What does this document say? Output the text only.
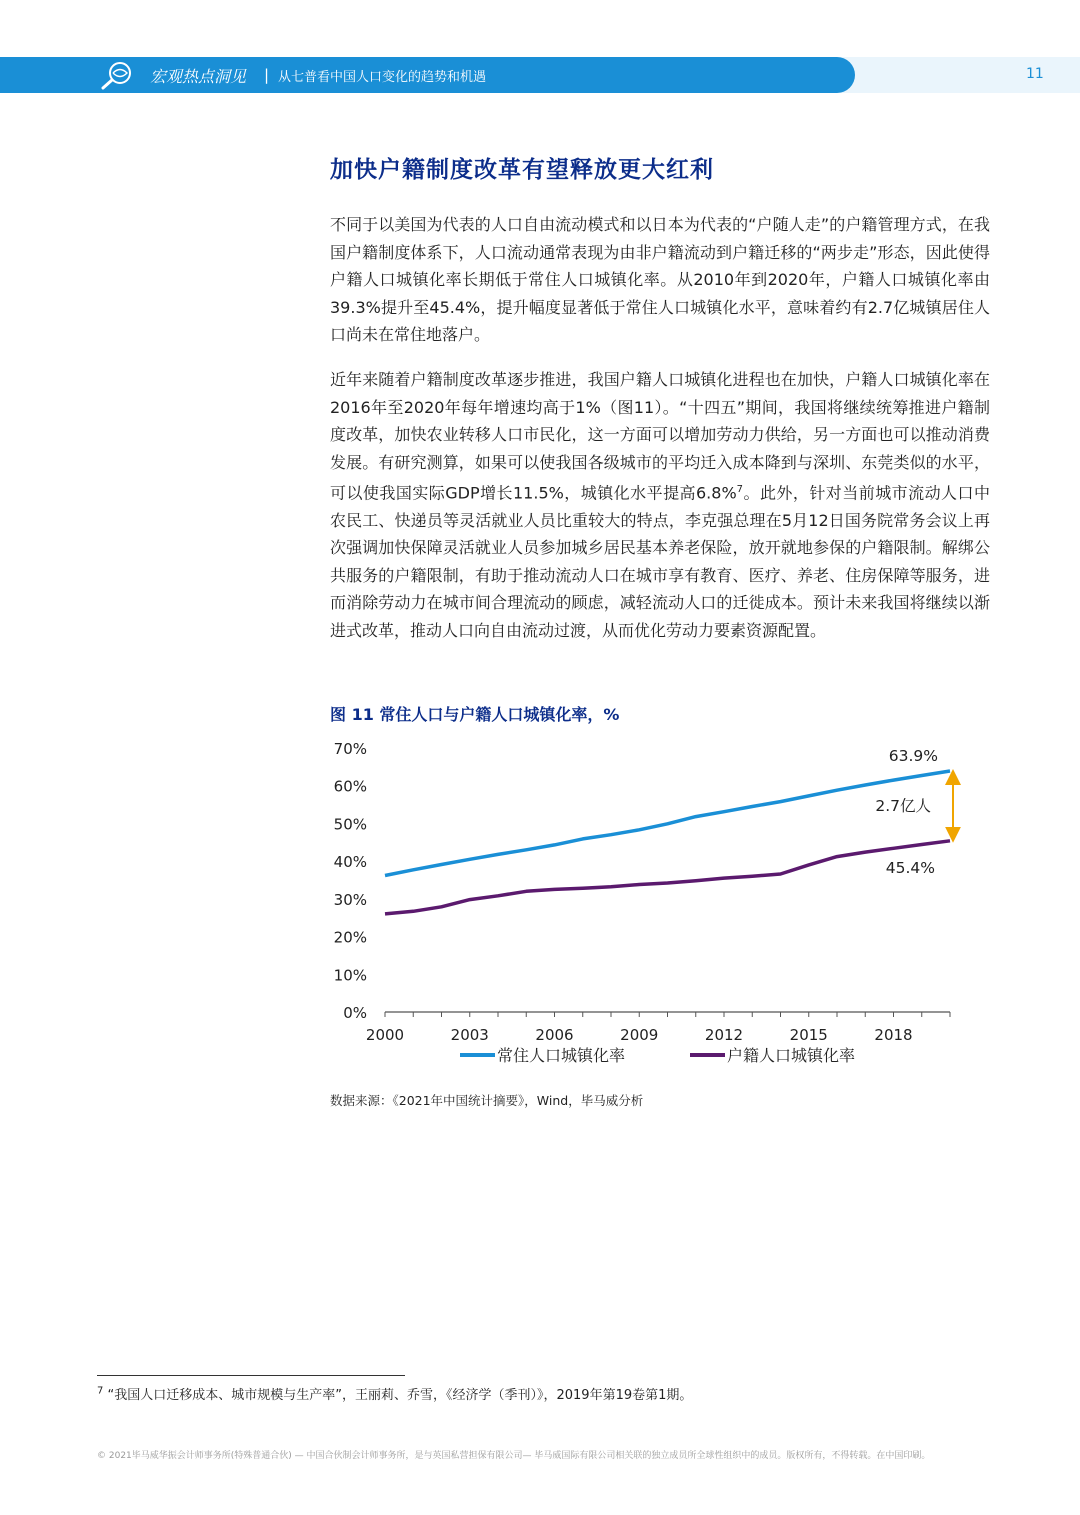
宏观热点洞见 | 从七普看中国人口变化的趋势和机遇	11
加快户籍制度改革有望释放更大红利

不同于以美国为代表的人口自由流动模式和以日本为代表的“户随人走”的户籍管理方式，在我国户籍制度体系下，人口流动通常表现为由非户籍流动到户籍迁移的“两步走”形态，因此使得户籍人口城镇化率长期低于常住人口城镇化率。从2010年到2020年，户籍人口城镇化率由39.3%提升至45.4%，提升幅度显著低于常住人口城镇化水平，意味着约有2.7亿城镇居住人口尚未在常住地落户。

近年来随着户籍制度改革逐步推进，我国户籍人口城镇化进程也在加快，户籍人口城镇化率在2016年至2020年每年增速均高于1%（图11）。“十四五”期间，我国将继续统筹推进户籍制度改革，加快农业转移人口市民化，这一方面可以增加劳动力供给，另一方面也可以推动消费发展。有研究测算，如果可以使我国各级城市的平均迁入成本降到与深圳、东莞类似的水平，可以使我国实际GDP增长11.5%，城镇化水平提高6.8%$^7$。此外，针对当前城市流动人口中农民工、快递员等灵活就业人员比重较大的特点，李克强总理在5月12日国务院常务会议上再次强调加快保障灵活就业人员参加城乡居民基本养老保险，放开就地参保的户籍限制。解绑公共服务的户籍限制，有助于推动流动人口在城市享有教育、医疗、养老、住房保障等服务，进而消除劳动力在城市间合理流动的顾虑，减轻流动人口的迁徙成本。预计未来我国将继续以渐进式改革，推动人口向自由流动过渡，从而优化劳动力要素资源配置。

图 11 常住人口与户籍人口城镇化率，%
0%
10%
20%
30%
40%
50%
60%
70%
2000	2003	2006	2009	2012	2015	2018
63.9%
45.4%
2.7亿人
常住人口城镇化率	户籍人口城镇化率
数据来源：《2021年中国统计摘要》，Wind，毕马威分析
$^7$ “我国人口迁移成本、城市规模与生产率”，王丽莉、乔雪，《经济学（季刊）》，2019年第19卷第1期。
© 2021毕马威华振会计师事务所(特殊普通合伙) — 中国合伙制会计师事务所，是与英国私营担保有限公司— 毕马威国际有限公司相关联的独立成员所全球性组织中的成员。版权所有，不得转载。在中国印刷。
